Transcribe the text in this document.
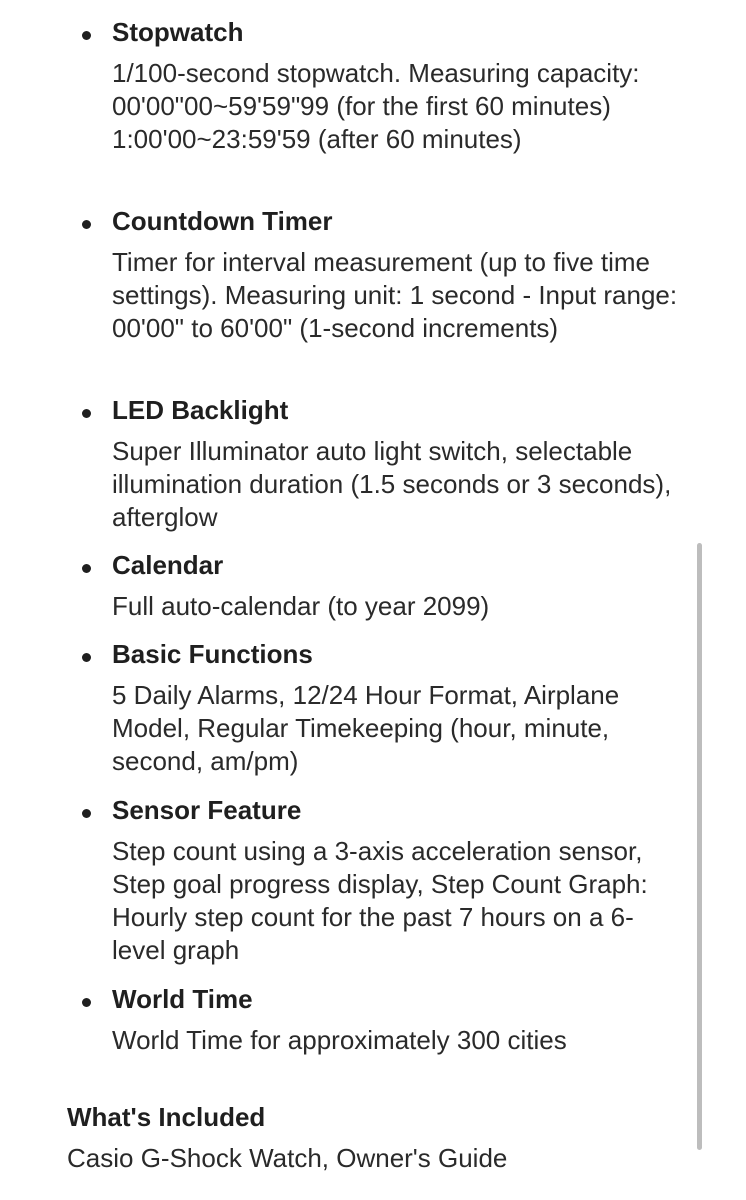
Stopwatch
1/100-second stopwatch. Measuring capacity: 00'00"00~59'59"99 (for the first 60 minutes) 1:00'00~23:59'59 (after 60 minutes)
Countdown Timer
Timer for interval measurement (up to five time settings). Measuring unit: 1 second - Input range: 00'00" to 60'00" (1-second increments)
LED Backlight
Super Illuminator auto light switch, selectable illumination duration (1.5 seconds or 3 seconds), afterglow
Calendar
Full auto-calendar (to year 2099)
Basic Functions
5 Daily Alarms, 12/24 Hour Format, Airplane Model, Regular Timekeeping (hour, minute, second, am/pm)
Sensor Feature
Step count using a 3-axis acceleration sensor, Step goal progress display, Step Count Graph: Hourly step count for the past 7 hours on a 6-level graph
World Time
World Time for approximately 300 cities
What's Included
Casio G-Shock Watch, Owner's Guide
